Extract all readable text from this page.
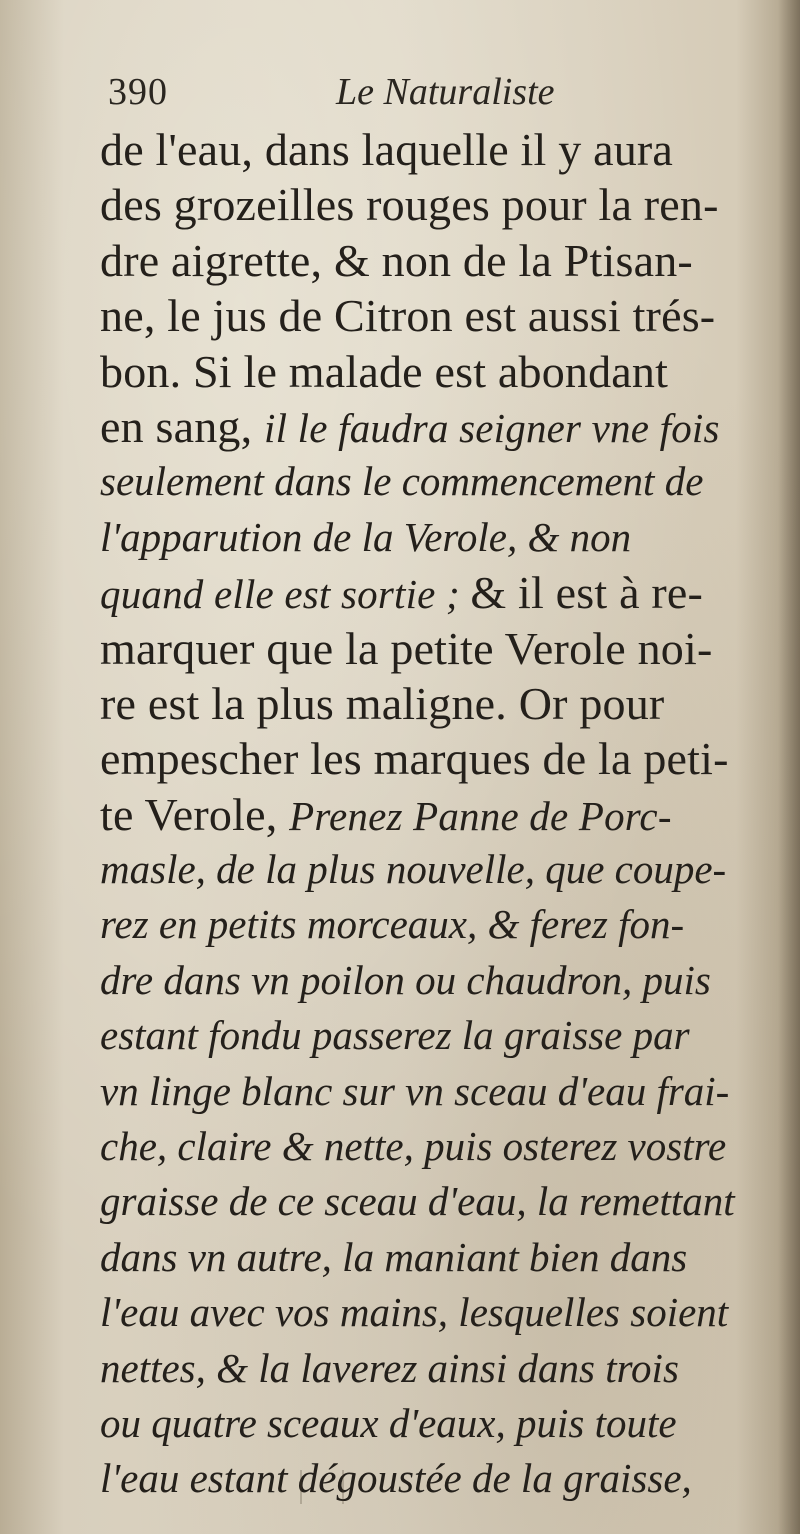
390	Le Naturaliste
de l'eau, dans laquelle il y aura
des grozeilles rouges pour la ren-
dre aigrette, & non de la Ptisan-
ne, le jus de Citron est aussi trés-
bon. Si le malade est abondant
en sang, il le faudra seigner vne fois
seulement dans le commencement de
l'apparution de la Verole, & non
quand elle est sortie ; & il est à re-
marquer que la petite Verole noi-
re est la plus maligne. Or pour
empescher les marques de la peti-
te Verole, Prenez Panne de Porc-
masle, de la plus nouvelle, que coupe-
rez en petits morceaux, & ferez fon-
dre dans vn poilon ou chaudron, puis
estant fondu passerez la graisse par
vn linge blanc sur vn sceau d'eau frai-
che, claire & nette, puis osterez vostre
graisse de ce sceau d'eau, la remettant
dans vn autre, la maniant bien dans
l'eau avec vos mains, lesquelles soient
nettes, & la laverez ainsi dans trois
ou quatre sceaux d'eaux, puis toute
l'eau estant dégoustée de la graisse,
